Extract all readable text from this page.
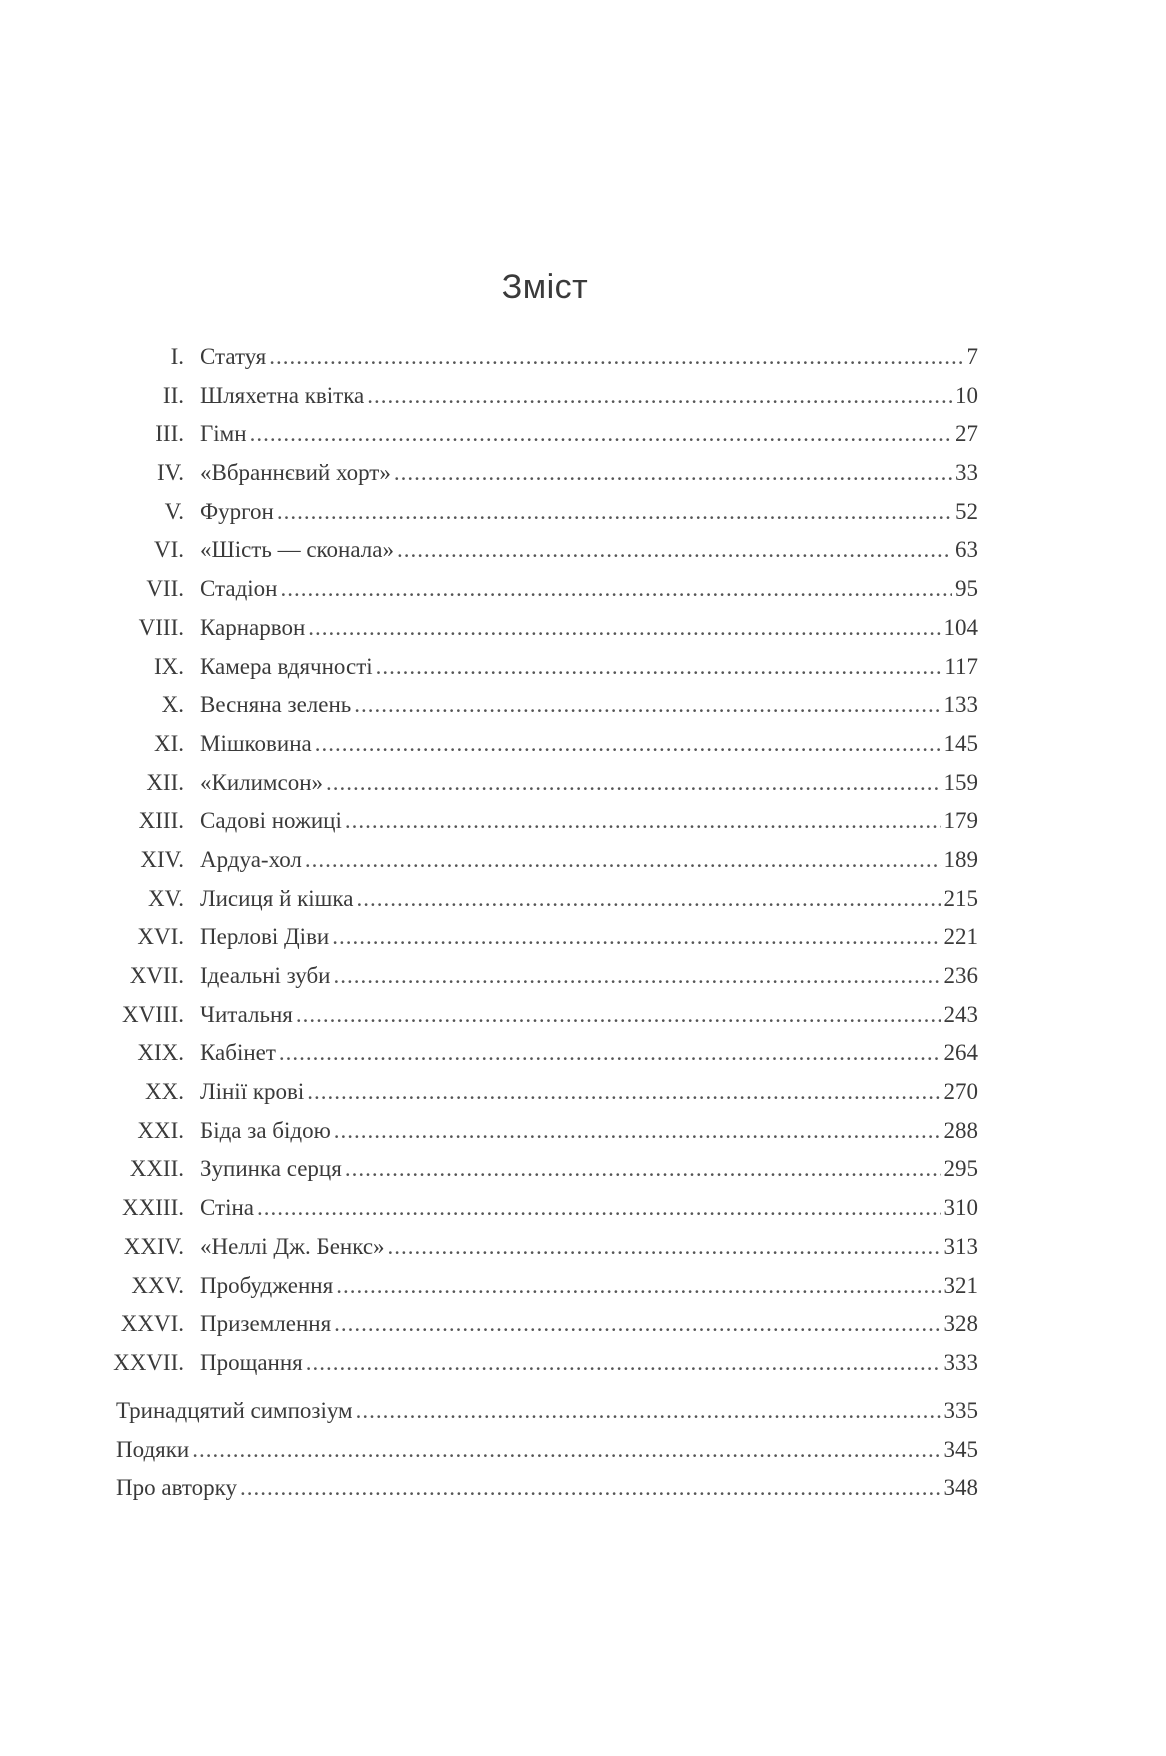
Зміст
I. Статуя .....	7
II. Шляхетна квітка .....	10
III. Гімн .....	27
IV. «Вбраннєвий хорт» .....	33
V. Фургон .....	52
VI. «Шість — сконала» .....	63
VII. Стадіон .....	95
VIII. Карнарвон .....	104
IX. Камера вдячності .....	117
X. Весняна зелень .....	133
XI. Мішковина .....	145
XII. «Килимсон» .....	159
XIII. Садові ножиці .....	179
XIV. Ардуа-хол .....	189
XV. Лисиця й кішка .....	215
XVI. Перлові Діви .....	221
XVII. Ідеальні зуби .....	236
XVIII. Читальня .....	243
XIX. Кабінет .....	264
XX. Лінії крові .....	270
XXI. Біда за бідою .....	288
XXII. Зупинка серця .....	295
XXIII. Стіна .....	310
XXIV. «Неллі Дж. Бенкс» .....	313
XXV. Пробудження .....	321
XXVI. Приземлення .....	328
XXVII. Прощання .....	333
Тринадцятий симпозіум .....	335
Подяки .....	345
Про авторку .....	348
